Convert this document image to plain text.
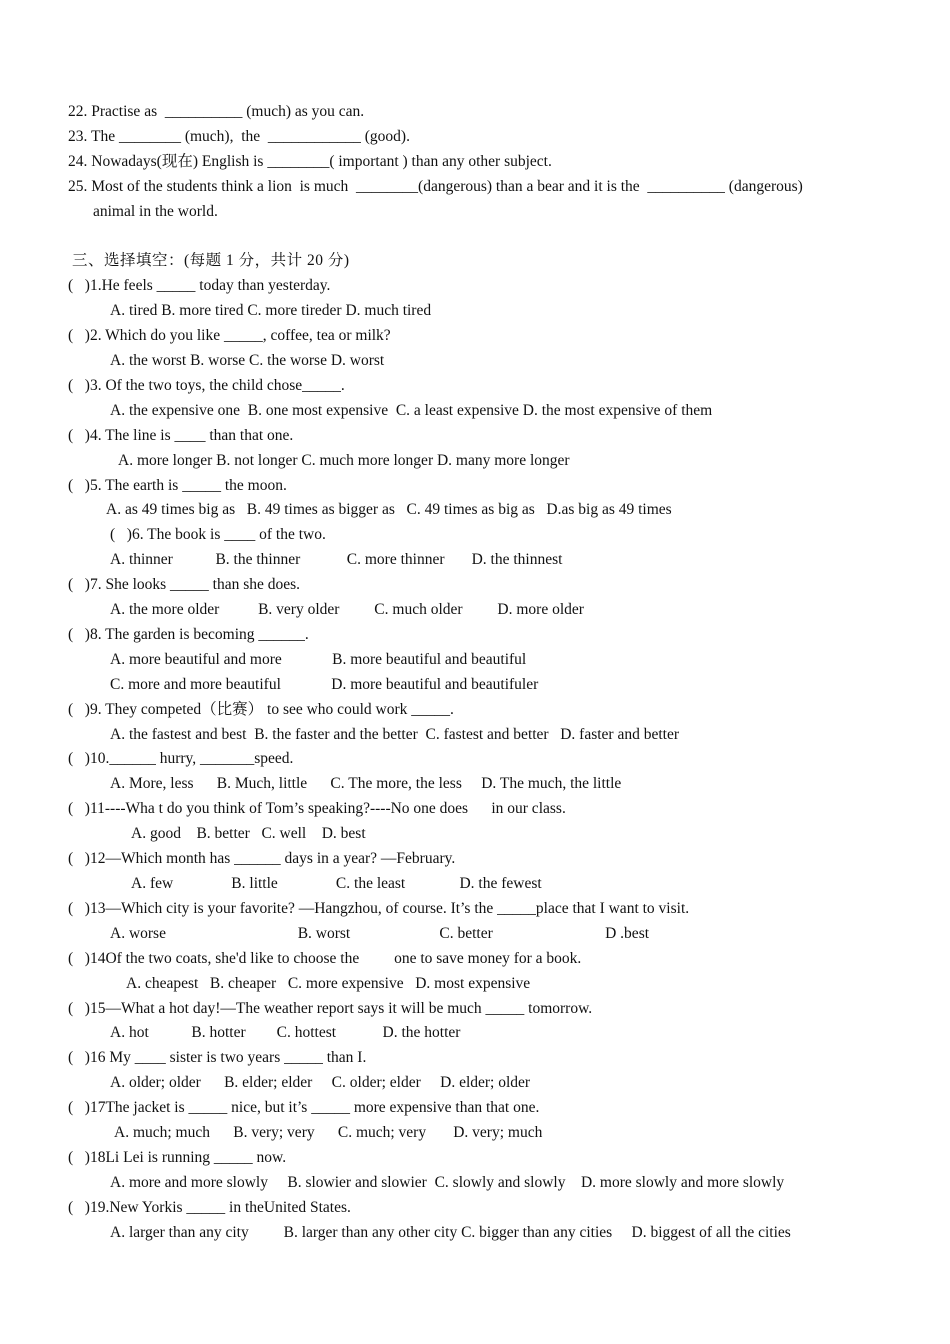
22. Practise as  __________ (much) as you can.
23. The ________ (much),  the  ____________ (good).
24. Nowadays(现在) English is ________( important ) than any other subject.
25. Most of the students think a lion  is much  ________(dangerous) than a bear and it is the  __________ (dangerous)
animal in the world.
三、选择填空：(每题 1 分，共计 20 分)
(   )1.He feels _____ today than yesterday.
A. tired B. more tired C. more tireder D. much tired
(   )2. Which do you like _____, coffee, tea or milk?
A. the worst B. worse C. the worse D. worst
(   )3. Of the two toys, the child chose_____.
A. the expensive one  B. one most expensive  C. a least expensive D. the most expensive of them
(   )4. The line is ____ than that one.
A. more longer B. not longer C. much more longer D. many more longer
(   )5. The earth is _____ the moon.
A. as 49 times big as   B. 49 times as bigger as   C. 49 times as big as   D.as big as 49 times
(   )6. The book is ____ of the two.
A. thinner           B. the thinner            C. more thinner       D. the thinnest
(   )7. She looks _____ than she does.
A. the more older          B. very older         C. much older         D. more older
(   )8. The garden is becoming ______.
A. more beautiful and more             B. more beautiful and beautiful
C. more and more beautiful             D. more beautiful and beautifuler
(   )9. They competed（比赛） to see who could work _____.
A. the fastest and best  B. the faster and the better  C. fastest and better   D. faster and better
(   )10.______ hurry, _______speed.
A. More, less      B. Much, little      C. The more, the less     D. The much, the little
(   )11----Wha t do you think of Tom’s speaking?----No one does      in our class.
A. good    B. better   C. well    D. best
(   )12—Which month has ______ days in a year? —February.
A. few               B. little               C. the least              D. the fewest
(   )13—Which city is your favorite? —Hangzhou, of course. It’s the _____place that I want to visit.
A. worse                                  B. worst                       C. better                             D .best
(   )14Of the two coats, she'd like to choose the         one to save money for a book.
A. cheapest   B. cheaper   C. more expensive   D. most expensive
(   )15—What a hot day!—The weather report says it will be much _____ tomorrow.
A. hot           B. hotter        C. hottest            D. the hotter
(   )16 My ____ sister is two years _____ than I.
A. older; older      B. elder; elder     C. older; elder     D. elder; older
(   )17The jacket is _____ nice, but it’s _____ more expensive than that one.
A. much; much      B. very; very      C. much; very       D. very; much
(   )18Li Lei is running _____ now.
A. more and more slowly     B. slowier and slowier  C. slowly and slowly    D. more slowly and more slowly
(   )19.New Yorkis _____ in theUnited States.
A. larger than any city         B. larger than any other city C. bigger than any cities     D. biggest of all the cities
